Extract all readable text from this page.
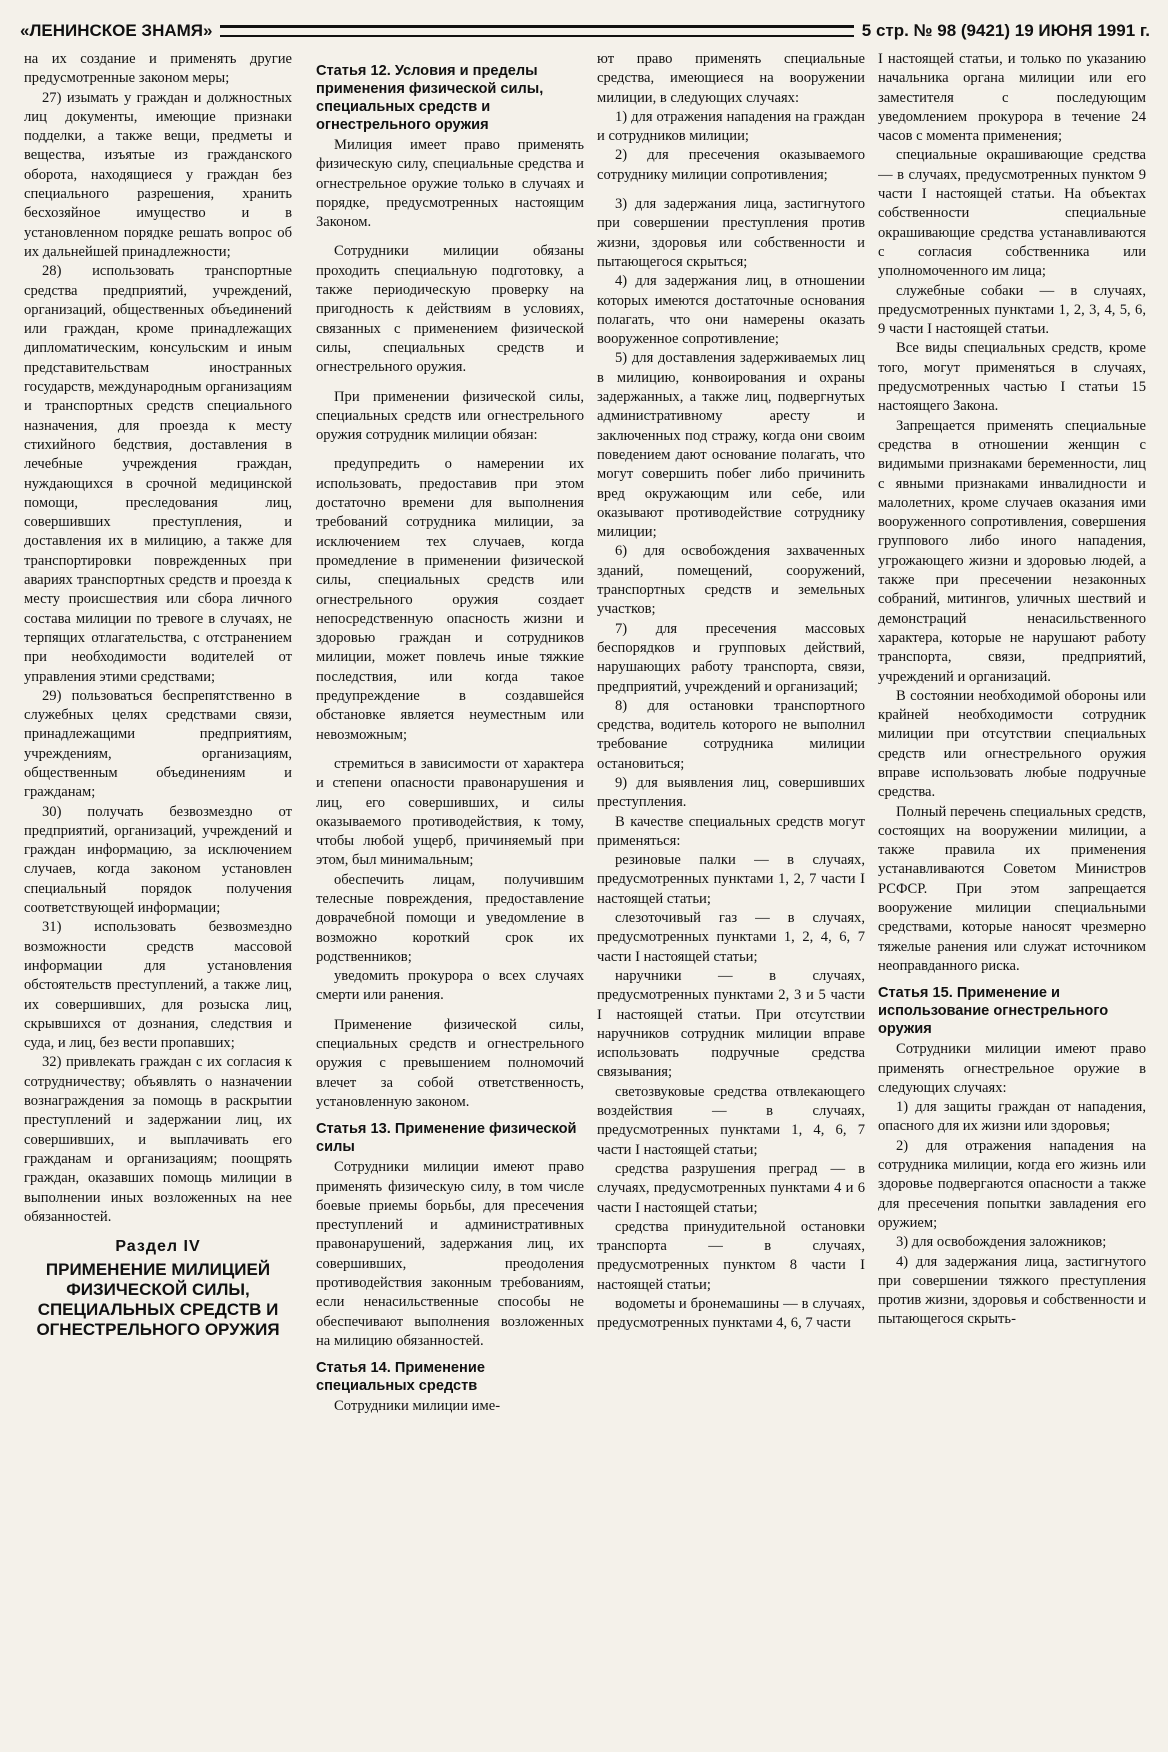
«ЛЕНИНСКОЕ ЗНАМЯ»	5 стр. № 98 (9421) 19 ИЮНЯ 1991 г.

на их создание и применять другие предусмотренные законом меры;

27) изымать у граждан и должностных лиц документы, имеющие признаки подделки, а также вещи, предметы и вещества, изъятые из гражданского оборота, находящиеся у граждан без специального разрешения, хранить бесхозяйное имущество и в установленном порядке решать вопрос об их дальнейшей принадлежности;

28) использовать транспортные средства предприятий, учреждений, организаций, общественных объединений или граждан, кроме принадлежащих дипломатическим, консульским и иным представительствам иностранных государств, международным организациям и транспортных средств специального назначения, для проезда к месту стихийного бедствия, доставления в лечебные учреждения граждан, нуждающихся в срочной медицинской помощи, преследования лиц, совершивших преступления, и доставления их в милицию, а также для транспортировки поврежденных при авариях транспортных средств и проезда к месту происшествия или сбора личного состава милиции по тревоге в случаях, не терпящих отлагательства, с отстранением при необходимости водителей от управления этими средствами;

29) пользоваться беспрепятственно в служебных целях средствами связи, принадлежащими предприятиям, учреждениям, организациям, общественным объединениям и гражданам;

30) получать безвозмездно от предприятий, организаций, учреждений и граждан информацию, за исключением случаев, когда законом установлен специальный порядок получения соответствующей информации;

31) использовать безвозмездно возможности средств массовой информации для установления обстоятельств преступлений, а также лиц, их совершивших, для розыска лиц, скрывшихся от дознания, следствия и суда, и лиц, без вести пропавших;

32) привлекать граждан с их согласия к сотрудничеству; объявлять о назначении вознаграждения за помощь в раскрытии преступлений и задержании лиц, их совершивших, и выплачивать его гражданам и организациям; поощрять граждан, оказавших помощь милиции в выполнении иных возложенных на нее обязанностей.

Раздел IV
ПРИМЕНЕНИЕ МИЛИЦИЕЙ ФИЗИЧЕСКОЙ СИЛЫ, СПЕЦИАЛЬНЫХ СРЕДСТВ И ОГНЕСТРЕЛЬНОГО ОРУЖИЯ
Статья 12. Условия и пределы применения физической силы, специальных средств и огнестрельного оружия

Милиция имеет право применять физическую силу, специальные средства и огнестрельное оружие только в случаях и порядке, предусмотренных настоящим Законом.

Сотрудники милиции обязаны проходить специальную подготовку, а также периодическую проверку на пригодность к действиям в условиях, связанных с применением физической силы, специальных средств и огнестрельного оружия.

При применении физической силы, специальных средств или огнестрельного оружия сотрудник милиции обязан:

предупредить о намерении их использовать, предоставив при этом достаточно времени для выполнения требований сотрудника милиции, за исключением тех случаев, когда промедление в применении физической силы, специальных средств или огнестрельного оружия создает непосредственную опасность жизни и здоровью граждан и сотрудников милиции, может повлечь иные тяжкие последствия, или когда такое предупреждение в создавшейся обстановке является неуместным или невозможным;

стремиться в зависимости от характера и степени опасности правонарушения и лиц, его совершивших, и силы оказываемого противодействия, к тому, чтобы любой ущерб, причиняемый при этом, был минимальным;

обеспечить лицам, получившим телесные повреждения, предоставление доврачебной помощи и уведомление в возможно короткий срок их родственников;

уведомить прокурора о всех случаях смерти или ранения.

Применение физической силы, специальных средств и огнестрельного оружия с превышением полномочий влечет за собой ответственность, установленную законом.

Статья 13. Применение физической силы

Сотрудники милиции имеют право применять физическую силу, в том числе боевые приемы борьбы, для пресечения преступлений и административных правонарушений, задержания лиц, их совершивших, преодоления противодействия законным требованиям, если ненасильственные способы не обеспечивают выполнения возложенных на милицию обязанностей.

Статья 14. Применение специальных средств

Сотрудники милиции име-

ют право применять специальные средства, имеющиеся на вооружении милиции, в следующих случаях:

1) для отражения нападения на граждан и сотрудников милиции;

2) для пресечения оказываемого сотруднику милиции сопротивления;

3) для задержания лица, застигнутого при совершении преступления против жизни, здоровья или собственности и пытающегося скрыться;

4) для задержания лиц, в отношении которых имеются достаточные основания полагать, что они намерены оказать вооруженное сопротивление;

5) для доставления задерживаемых лиц в милицию, конвоирования и охраны задержанных, а также лиц, подвергнутых административному аресту и заключенных под стражу, когда они своим поведением дают основание полагать, что могут совершить побег либо причинить вред окружающим или себе, или оказывают противодействие сотруднику милиции;

6) для освобождения захваченных зданий, помещений, сооружений, транспортных средств и земельных участков;

7) для пресечения массовых беспорядков и групповых действий, нарушающих работу транспорта, связи, предприятий, учреждений и организаций;

8) для остановки транспортного средства, водитель которого не выполнил требование сотрудника милиции остановиться;

9) для выявления лиц, совершивших преступления.

В качестве специальных средств могут применяться:

резиновые палки — в случаях, предусмотренных пунктами 1, 2, 7 части I настоящей статьи;

слезоточивый газ — в случаях, предусмотренных пунктами 1, 2, 4, 6, 7 части I настоящей статьи;

наручники — в случаях, предусмотренных пунктами 2, 3 и 5 части I настоящей статьи. При отсутствии наручников сотрудник милиции вправе использовать подручные средства связывания;

светозвуковые средства отвлекающего воздействия — в случаях, предусмотренных пунктами 1, 4, 6, 7 части I настоящей статьи;

средства разрушения преград — в случаях, предусмотренных пунктами 4 и 6 части I настоящей статьи;

средства принудительной остановки транспорта — в случаях, предусмотренных пунктом 8 части I настоящей статьи;

водометы и бронемашины — в случаях, предусмотренных пунктами 4, 6, 7 части

I настоящей статьи, и только по указанию начальника органа милиции или его заместителя с последующим уведомлением прокурора в течение 24 часов с момента применения;

специальные окрашивающие средства — в случаях, предусмотренных пунктом 9 части I настоящей статьи. На объектах собственности специальные окрашивающие средства устанавливаются с согласия собственника или уполномоченного им лица;

служебные собаки — в случаях, предусмотренных пунктами 1, 2, 3, 4, 5, 6, 9 части I настоящей статьи.

Все виды специальных средств, кроме того, могут применяться в случаях, предусмотренных частью I статьи 15 настоящего Закона.

Запрещается применять специальные средства в отношении женщин с видимыми признаками беременности, лиц с явными признаками инвалидности и малолетних, кроме случаев оказания ими вооруженного сопротивления, совершения группового либо иного нападения, угрожающего жизни и здоровью людей, а также при пресечении незаконных собраний, митингов, уличных шествий и демонстраций ненасильственного характера, которые не нарушают работу транспорта, связи, предприятий, учреждений и организаций.

В состоянии необходимой обороны или крайней необходимости сотрудник милиции при отсутствии специальных средств или огнестрельного оружия вправе использовать любые подручные средства.

Полный перечень специальных средств, состоящих на вооружении милиции, а также правила их применения устанавливаются Советом Министров РСФСР. При этом запрещается вооружение милиции специальными средствами, которые наносят чрезмерно тяжелые ранения или служат источником неоправданного риска.

Статья 15. Применение и использование огнестрельного оружия

Сотрудники милиции имеют право применять огнестрельное оружие в следующих случаях:

1) для защиты граждан от нападения, опасного для их жизни или здоровья;

2) для отражения нападения на сотрудника милиции, когда его жизнь или здоровье подвергаются опасности а также для пресечения попытки завладения его оружием;

3) для освобождения заложников;

4) для задержания лица, застигнутого при совершении тяжкого преступления против жизни, здоровья и собственности и пытающегося скрыть-
